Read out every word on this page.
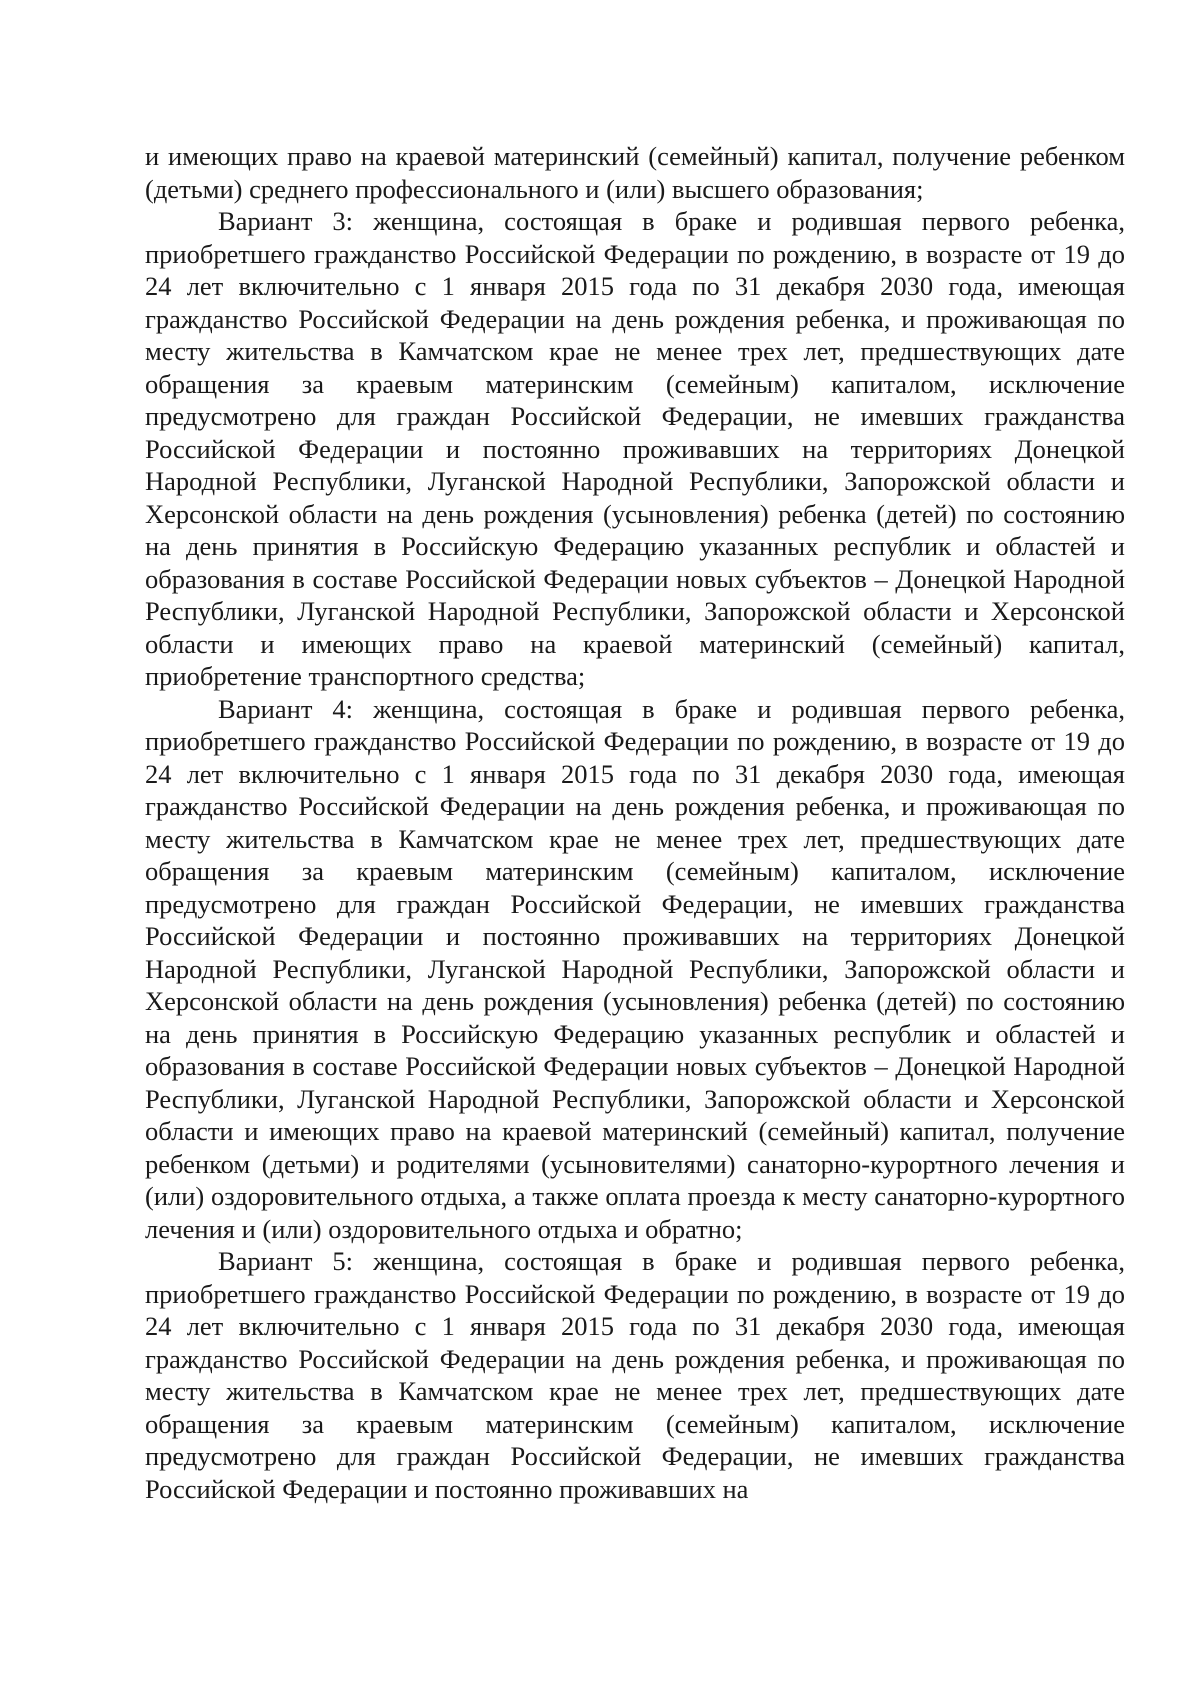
и имеющих право на краевой материнский (семейный) капитал, получение ребенком (детьми) среднего профессионального и (или) высшего образования;

Вариант 3: женщина, состоящая в браке и родившая первого ребенка, приобретшего гражданство Российской Федерации по рождению, в возрасте от 19 до 24 лет включительно с 1 января 2015 года по 31 декабря 2030 года, имеющая гражданство Российской Федерации на день рождения ребенка, и проживающая по месту жительства в Камчатском крае не менее трех лет, предшествующих дате обращения за краевым материнским (семейным) капиталом, исключение предусмотрено для граждан Российской Федерации, не имевших гражданства Российской Федерации и постоянно проживавших на территориях Донецкой Народной Республики, Луганской Народной Республики, Запорожской области и Херсонской области на день рождения (усыновления) ребенка (детей) по состоянию на день принятия в Российскую Федерацию указанных республик и областей и образования в составе Российской Федерации новых субъектов – Донецкой Народной Республики, Луганской Народной Республики, Запорожской области и Херсонской области и имеющих право на краевой материнский (семейный) капитал, приобретение транспортного средства;

Вариант 4: женщина, состоящая в браке и родившая первого ребенка, приобретшего гражданство Российской Федерации по рождению, в возрасте от 19 до 24 лет включительно с 1 января 2015 года по 31 декабря 2030 года, имеющая гражданство Российской Федерации на день рождения ребенка, и проживающая по месту жительства в Камчатском крае не менее трех лет, предшествующих дате обращения за краевым материнским (семейным) капиталом, исключение предусмотрено для граждан Российской Федерации, не имевших гражданства Российской Федерации и постоянно проживавших на территориях Донецкой Народной Республики, Луганской Народной Республики, Запорожской области и Херсонской области на день рождения (усыновления) ребенка (детей) по состоянию на день принятия в Российскую Федерацию указанных республик и областей и образования в составе Российской Федерации новых субъектов – Донецкой Народной Республики, Луганской Народной Республики, Запорожской области и Херсонской области и имеющих право на краевой материнский (семейный) капитал, получение ребенком (детьми) и родителями (усыновителями) санаторно-курортного лечения и (или) оздоровительного отдыха, а также оплата проезда к месту санаторно-курортного лечения и (или) оздоровительного отдыха и обратно;

Вариант 5: женщина, состоящая в браке и родившая первого ребенка, приобретшего гражданство Российской Федерации по рождению, в возрасте от 19 до 24 лет включительно с 1 января 2015 года по 31 декабря 2030 года, имеющая гражданство Российской Федерации на день рождения ребенка, и проживающая по месту жительства в Камчатском крае не менее трех лет, предшествующих дате обращения за краевым материнским (семейным) капиталом, исключение предусмотрено для граждан Российской Федерации, не имевших гражданства Российской Федерации и постоянно проживавших на
